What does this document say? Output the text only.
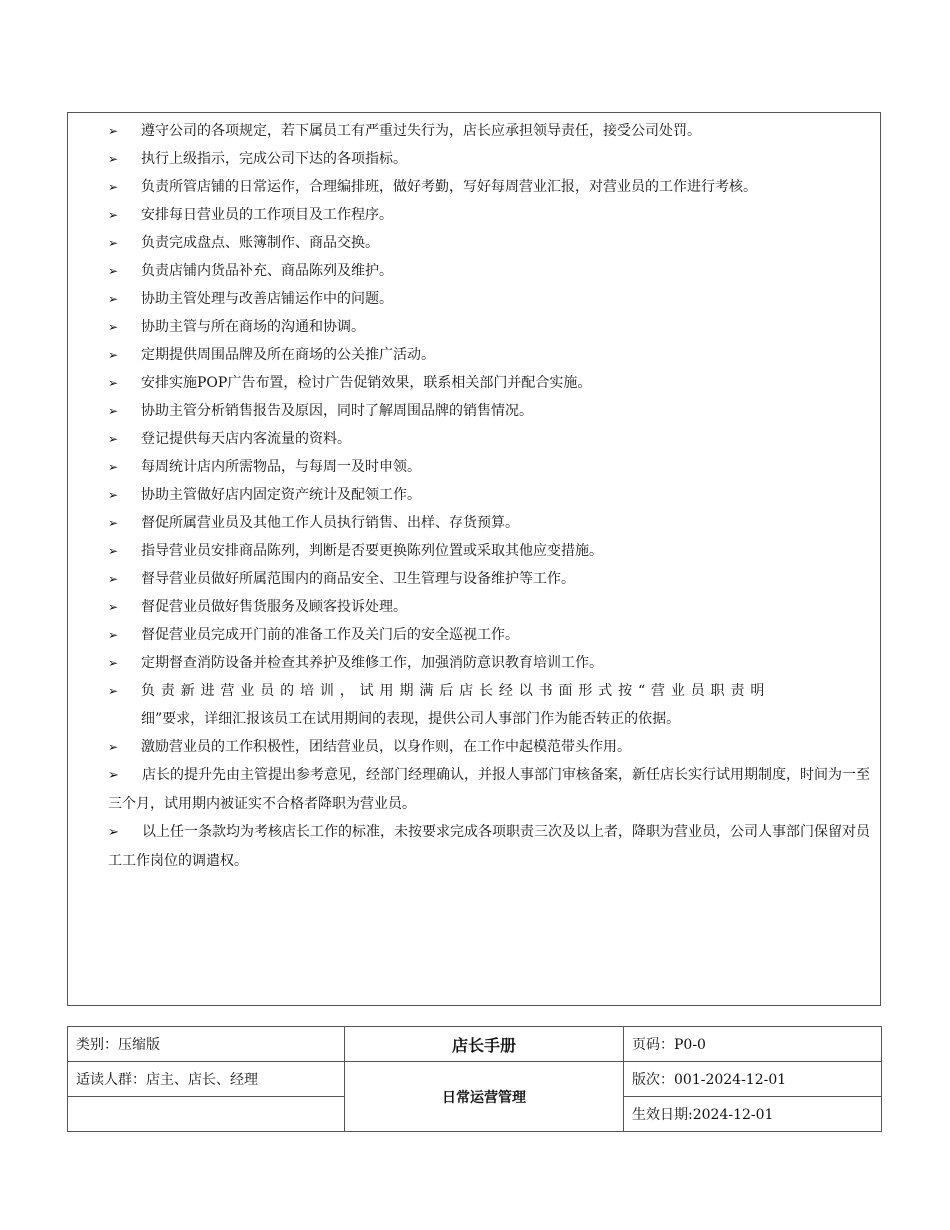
➢ 遵守公司的各项规定，若下属员工有严重过失行为，店长应承担领导责任，接受公司处罚。
➢ 执行上级指示，完成公司下达的各项指标。
➢ 负责所管店铺的日常运作，合理编排班，做好考勤，写好每周营业汇报，对营业员的工作进行考核。
➢ 安排每日营业员的工作项目及工作程序。
➢ 负责完成盘点、账簿制作、商品交换。
➢ 负责店铺内货品补充、商品陈列及维护。
➢ 协助主管处理与改善店铺运作中的问题。
➢ 协助主管与所在商场的沟通和协调。
➢ 定期提供周围品牌及所在商场的公关推广活动。
➢ 安排实施POP广告布置，检讨广告促销效果，联系相关部门并配合实施。
➢ 协助主管分析销售报告及原因，同时了解周围品牌的销售情况。
➢ 登记提供每天店内客流量的资料。
➢ 每周统计店内所需物品，与每周一及时申领。
➢ 协助主管做好店内固定资产统计及配领工作。
➢ 督促所属营业员及其他工作人员执行销售、出样、存货预算。
➢ 指导营业员安排商品陈列，判断是否要更换陈列位置或采取其他应变措施。
➢ 督导营业员做好所属范围内的商品安全、卫生管理与设备维护等工作。
➢ 督促营业员做好售货服务及顾客投诉处理。
➢ 督促营业员完成开门前的准备工作及关门后的安全巡视工作。
➢ 定期督查消防设备并检查其养护及维修工作，加强消防意识教育培训工作。
➢ 负责新进营业员的培训，试用期满后店长经以书面形式按“营业员职责明
细”要求，详细汇报该员工在试用期间的表现，提供公司人事部门作为能否转正的依据。
➢ 激励营业员的工作积极性，团结营业员，以身作则，在工作中起模范带头作用。

➢ 店长的提升先由主管提出参考意见，经部门经理确认，并报人事部门审核备案，新任店长实行试用期制度，时间为一至三个月，试用期内被证实不合格者降职为营业员。

➢ 以上任一条款均为考核店长工作的标准，未按要求完成各项职责三次及以上者，降职为营业员，公司人事部门保留对员工工作岗位的调遣权。

类别：压缩版	店长手册	页码：P0-0
适读人群：店主、店长、经理	日常运营管理	版次：001-2024-12-01
		生效日期:2024-12-01
